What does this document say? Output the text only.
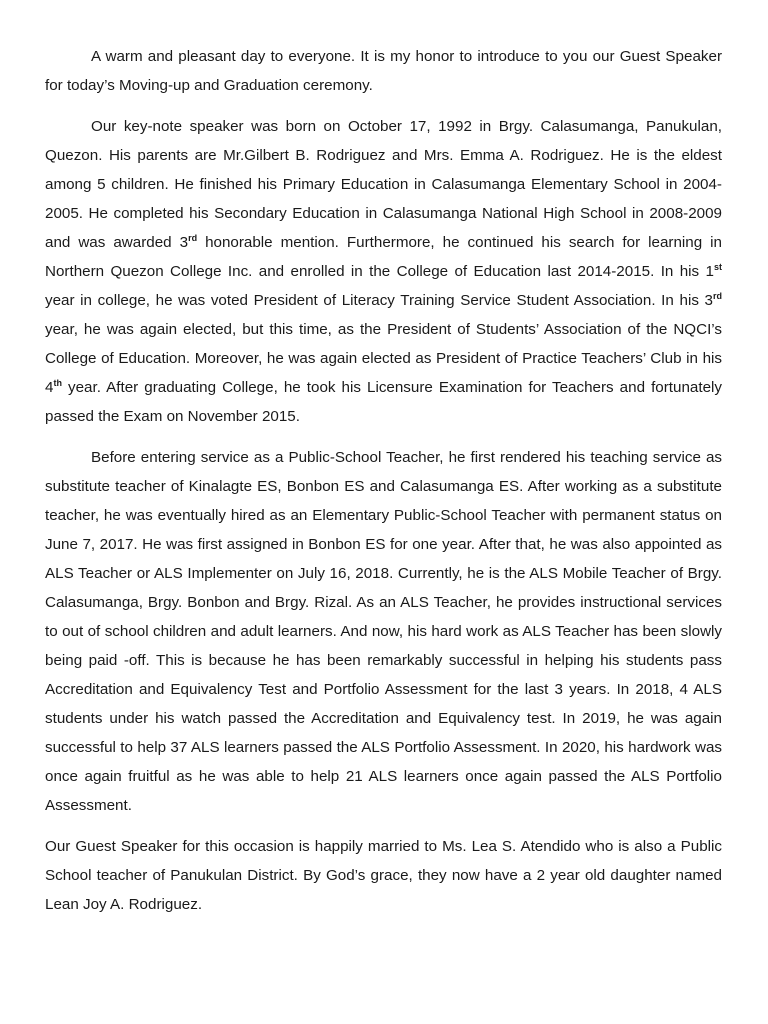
A warm and pleasant day to everyone. It is my honor to introduce to you our Guest Speaker for today’s Moving-up and Graduation ceremony.

Our key-note speaker was born on October 17, 1992 in Brgy. Calasumanga, Panukulan, Quezon. His parents are Mr.Gilbert B. Rodriguez and Mrs. Emma A. Rodriguez. He is the eldest among 5 children. He finished his Primary Education in Calasumanga Elementary School in 2004-2005. He completed his Secondary Education in Calasumanga National High School in 2008-2009 and was awarded 3rd honorable mention. Furthermore, he continued his search for learning in Northern Quezon College Inc. and enrolled in the College of Education last 2014-2015. In his 1st year in college, he was voted President of Literacy Training Service Student Association. In his 3rd year, he was again elected, but this time, as the President of Students’ Association of the NQCI’s College of Education. Moreover, he was again elected as President of Practice Teachers’ Club in his 4th year. After graduating College, he took his Licensure Examination for Teachers and fortunately passed the Exam on November 2015.

Before entering service as a Public-School Teacher, he first rendered his teaching service as substitute teacher of Kinalagte ES, Bonbon ES and Calasumanga ES. After working as a substitute teacher, he was eventually hired as an Elementary Public-School Teacher with permanent status on June 7, 2017. He was first assigned in Bonbon ES for one year. After that, he was also appointed as ALS Teacher or ALS Implementer on July 16, 2018. Currently, he is the ALS Mobile Teacher of Brgy. Calasumanga, Brgy. Bonbon and Brgy. Rizal. As an ALS Teacher, he provides instructional services to out of school children and adult learners. And now, his hard work as ALS Teacher has been slowly being paid -off. This is because he has been remarkably successful in helping his students pass Accreditation and Equivalency Test and Portfolio Assessment for the last 3 years. In 2018, 4 ALS students under his watch passed the Accreditation and Equivalency test. In 2019, he was again successful to help 37 ALS learners passed the ALS Portfolio Assessment. In 2020, his hardwork was once again fruitful as he was able to help 21 ALS learners once again passed the ALS Portfolio Assessment.

Our Guest Speaker for this occasion is happily married to Ms. Lea S. Atendido who is also a Public School teacher of Panukulan District. By God’s grace, they now have a 2 year old daughter named Lean Joy A. Rodriguez.
